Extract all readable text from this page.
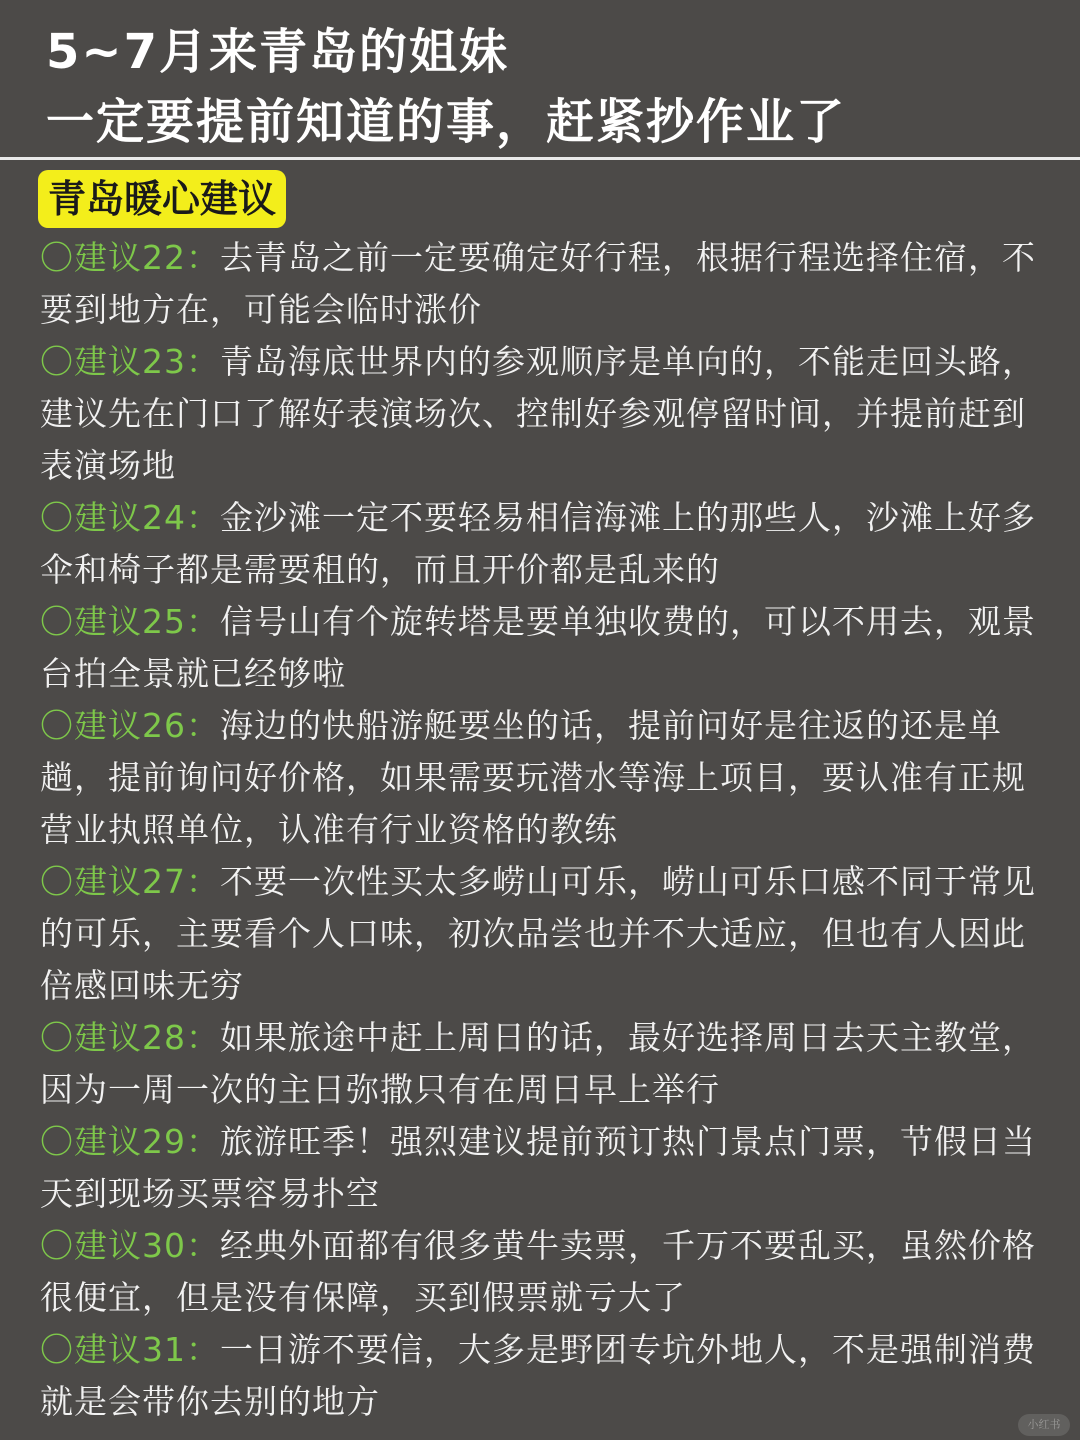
5~7月来青岛的姐妹
一定要提前知道的事，赶紧抄作业了
青岛暖心建议

〇建议22：去青岛之前一定要确定好行程，根据行程选择住宿，不要到地方在，可能会临时涨价

〇建议23：青岛海底世界内的参观顺序是单向的，不能走回头路，建议先在门口了解好表演场次、控制好参观停留时间，并提前赶到表演场地

〇建议24：金沙滩一定不要轻易相信海滩上的那些人，沙滩上好多伞和椅子都是需要租的，而且开价都是乱来的

〇建议25：信号山有个旋转塔是要单独收费的，可以不用去，观景台拍全景就已经够啦

〇建议26：海边的快船游艇要坐的话，提前问好是往返的还是单趟，提前询问好价格，如果需要玩潜水等海上项目，要认准有正规营业执照单位，认准有行业资格的教练

〇建议27：不要一次性买太多崂山可乐，崂山可乐口感不同于常见的可乐，主要看个人口味，初次品尝也并不大适应，但也有人因此倍感回味无穷

〇建议28：如果旅途中赶上周日的话，最好选择周日去天主教堂，因为一周一次的主日弥撒只有在周日早上举行

〇建议29：旅游旺季！强烈建议提前预订热门景点门票，节假日当天到现场买票容易扑空

〇建议30：经典外面都有很多黄牛卖票，千万不要乱买，虽然价格很便宜，但是没有保障，买到假票就亏大了

〇建议31：一日游不要信，大多是野团专坑外地人，不是强制消费就是会带你去别的地方

小红书
